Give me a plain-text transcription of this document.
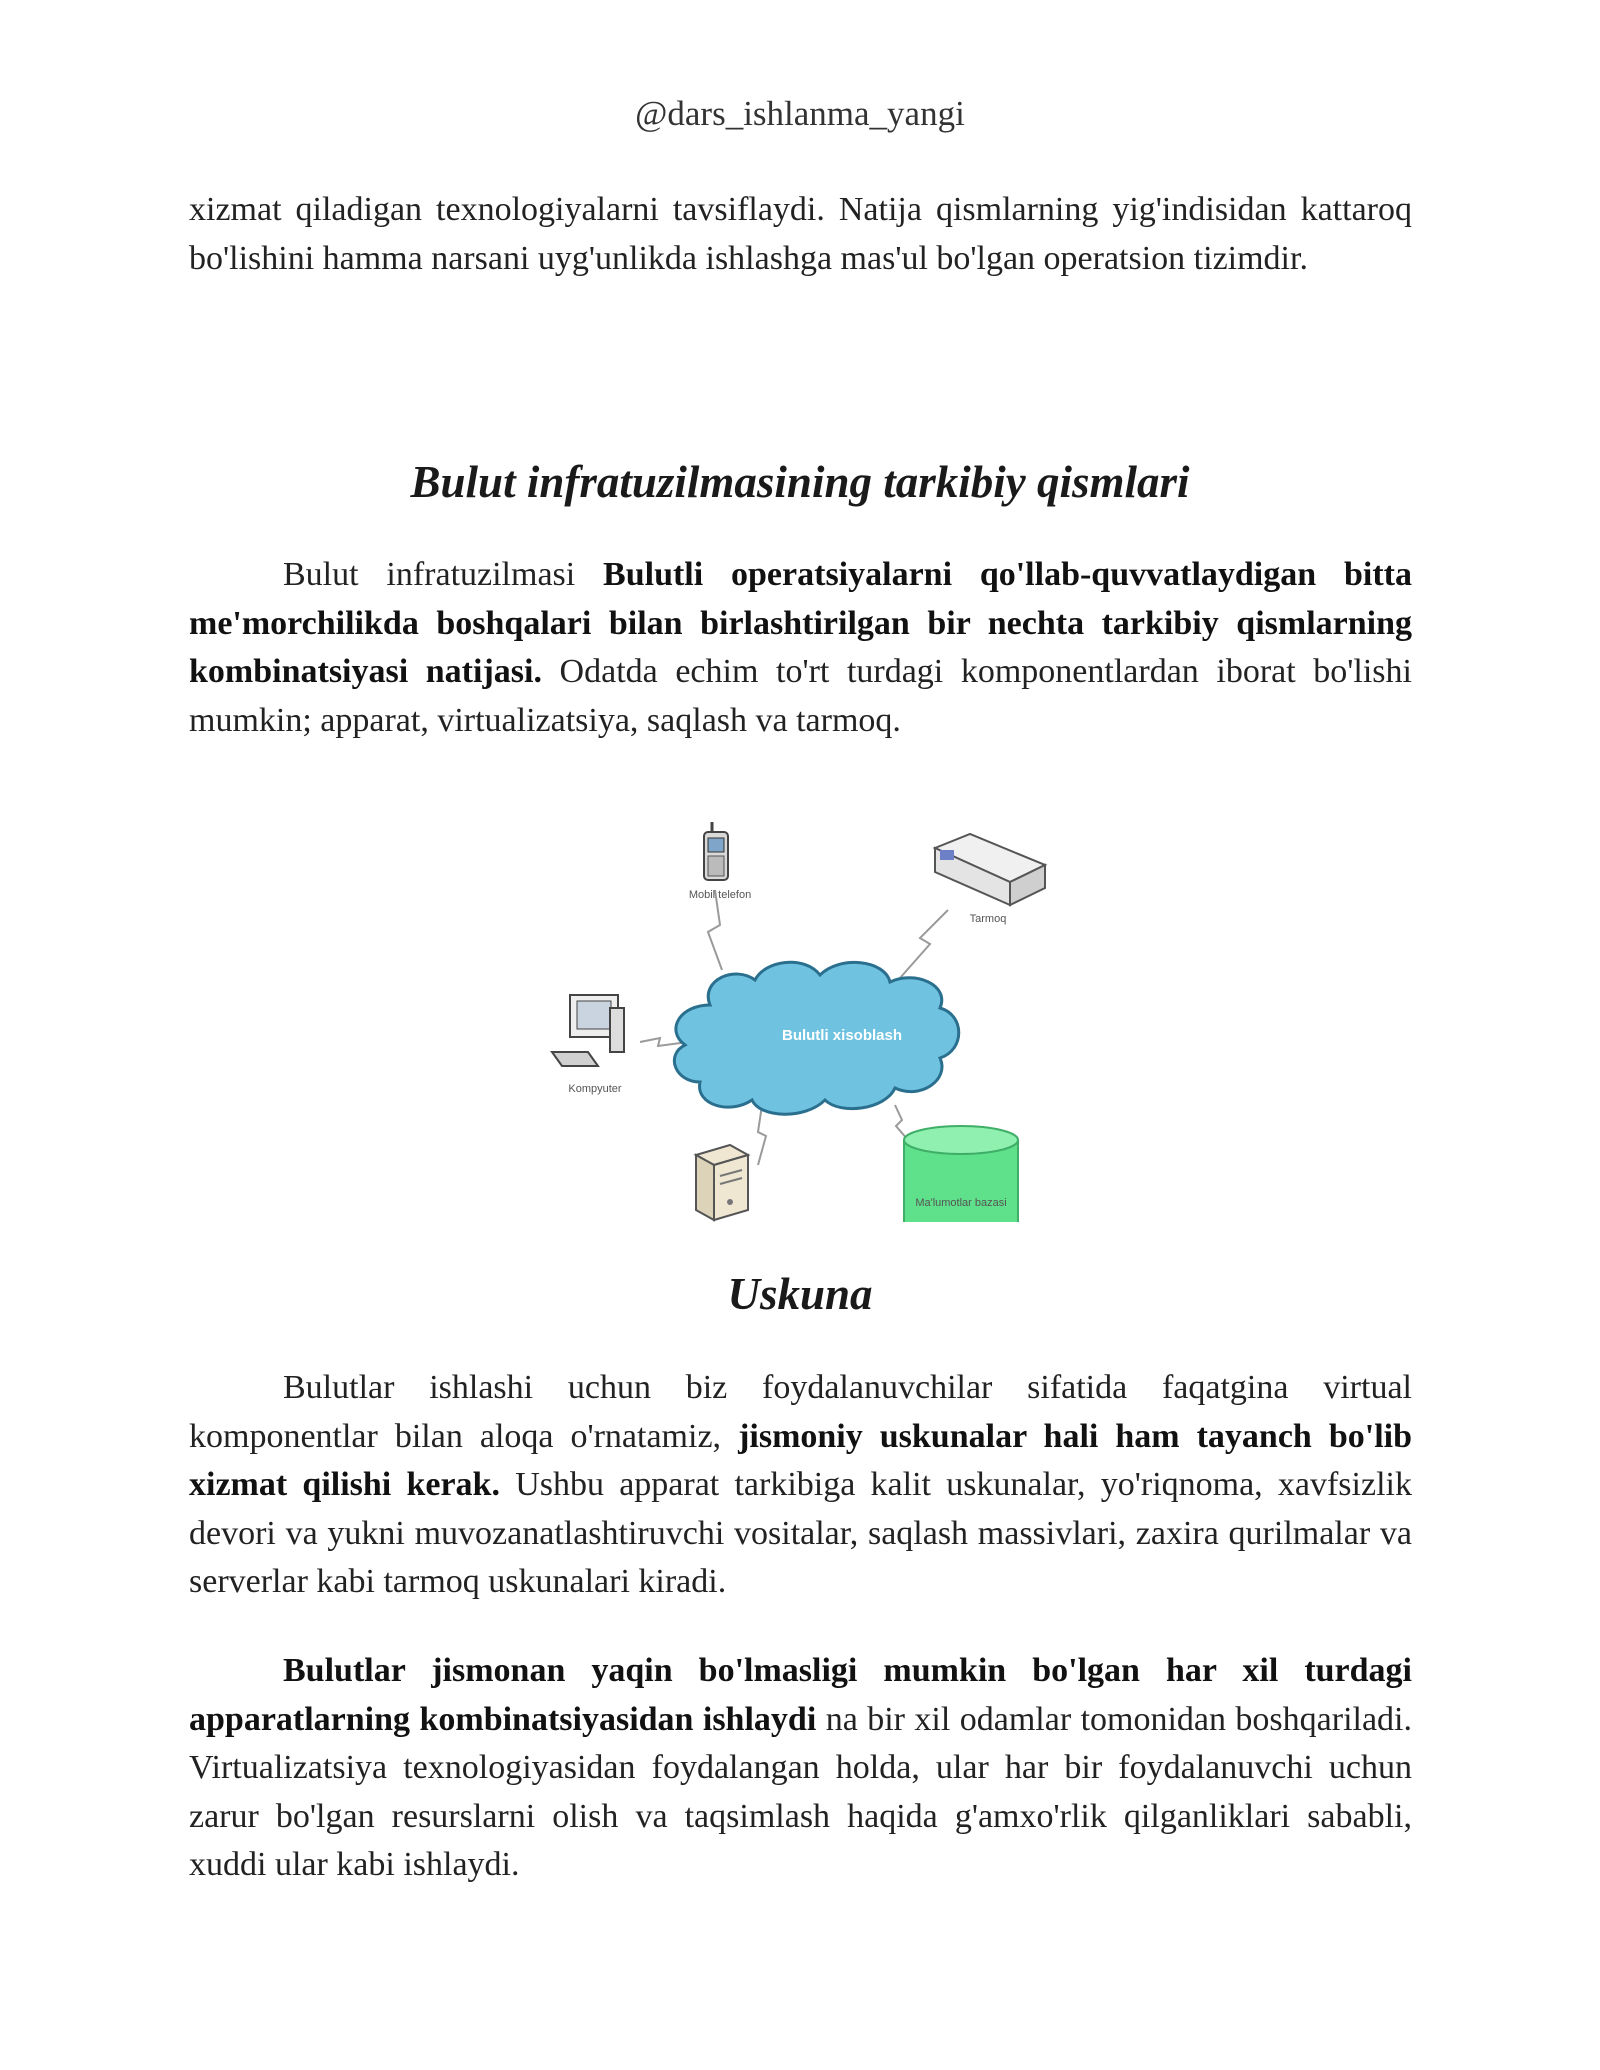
@dars_ishlanma_yangi
xizmat qiladigan texnologiyalarni tavsiflaydi. Natija qismlarning yig'indisidan kattaroq bo'lishini hamma narsani uyg'unlikda ishlashga mas'ul bo'lgan operatsion tizimdir.
Bulut infratuzilmasining tarkibiy qismlari
Bulut infratuzilmasi Bulutli operatsiyalarni qo'llab-quvvatlaydigan bitta me'morchilikda boshqalari bilan birlashtirilgan bir nechta tarkibiy qismlarning kombinatsiyasi natijasi. Odatda echim to'rt turdagi komponentlardan iborat bo'lishi mumkin; apparat, virtualizatsiya, saqlash va tarmoq.
Bulutli xisoblash
Mobil telefon
Tarmoq
Kompyuter
Ma'lumotlar bazasi
Uskuna
Bulutlar ishlashi uchun biz foydalanuvchilar sifatida faqatgina virtual komponentlar bilan aloqa o'rnatamiz, jismoniy uskunalar hali ham tayanch bo'lib xizmat qilishi kerak. Ushbu apparat tarkibiga kalit uskunalar, yo'riqnoma, xavfsizlik devori va yukni muvozanatlashtiruvchi vositalar, saqlash massivlari, zaxira qurilmalar va serverlar kabi tarmoq uskunalari kiradi.
Bulutlar jismonan yaqin bo'lmasligi mumkin bo'lgan har xil turdagi apparatlarning kombinatsiyasidan ishlaydi na bir xil odamlar tomonidan boshqariladi. Virtualizatsiya texnologiyasidan foydalangan holda, ular har bir foydalanuvchi uchun zarur bo'lgan resurslarni olish va taqsimlash haqida g'amxo'rlik qilganliklari sababli, xuddi ular kabi ishlaydi.
